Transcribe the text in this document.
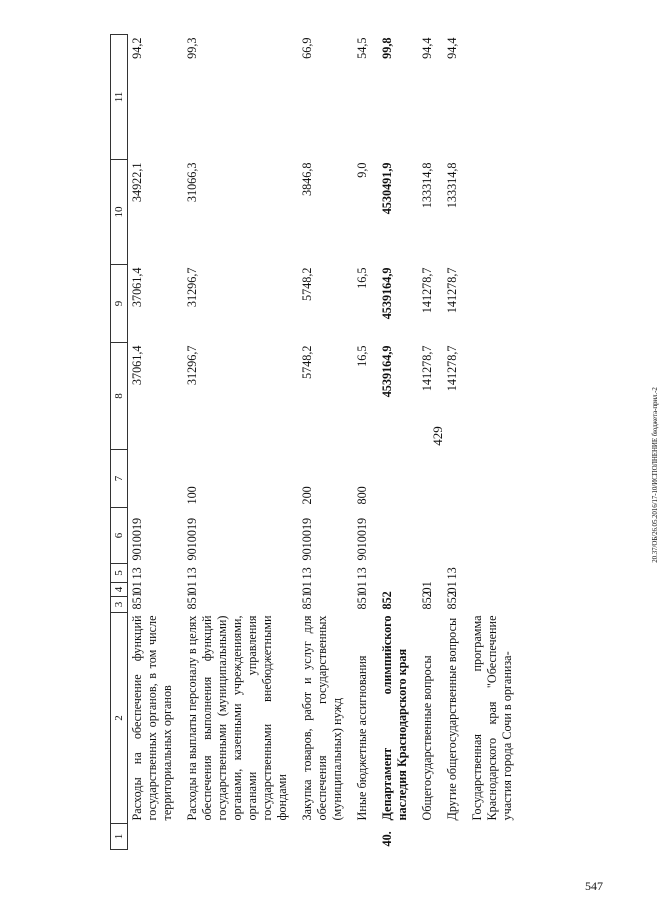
429	20.37/ОБ/26.05.2016/17-10/ИСПОЛНЕНИЕ бюджета-прил.-2
547
1	2	3	4	5	6	7	8	9	10	11
	Расходы на обеспечение функций государственных органов, в том числе территориальных органов	851	01	13	9010019		37061,4	37061,4	34922,1	94,2
	Расходы на выплаты персоналу в целях обеспечения выполнения функций государственными (муниципальными) органами, казенными учреждениями, органами управления государственными внебюджетными фондами	851	01	13	9010019	100	31296,7	31296,7	31066,3	99,3
	Закупка товаров, работ и услуг для обеспечения государственных (муниципальных) нужд	851	01	13	9010019	200	5748,2	5748,2	3846,8	66,9
	Иные бюджетные ассигнования	851	01	13	9010019	800	16,5	16,5	9,0	54,5
40.	Департамент олимпийского наследия Краснодарского края	852					4539164,9	4539164,9	4530491,9	99,8
	Общегосударственные вопросы	852	01				141278,7	141278,7	133314,8	94,4
	Другие общегосударственные вопросы	852	01	13			141278,7	141278,7	133314,8	94,4
	Государственная программа Краснодарского края "Обеспечение участия города Сочи в организа-									
